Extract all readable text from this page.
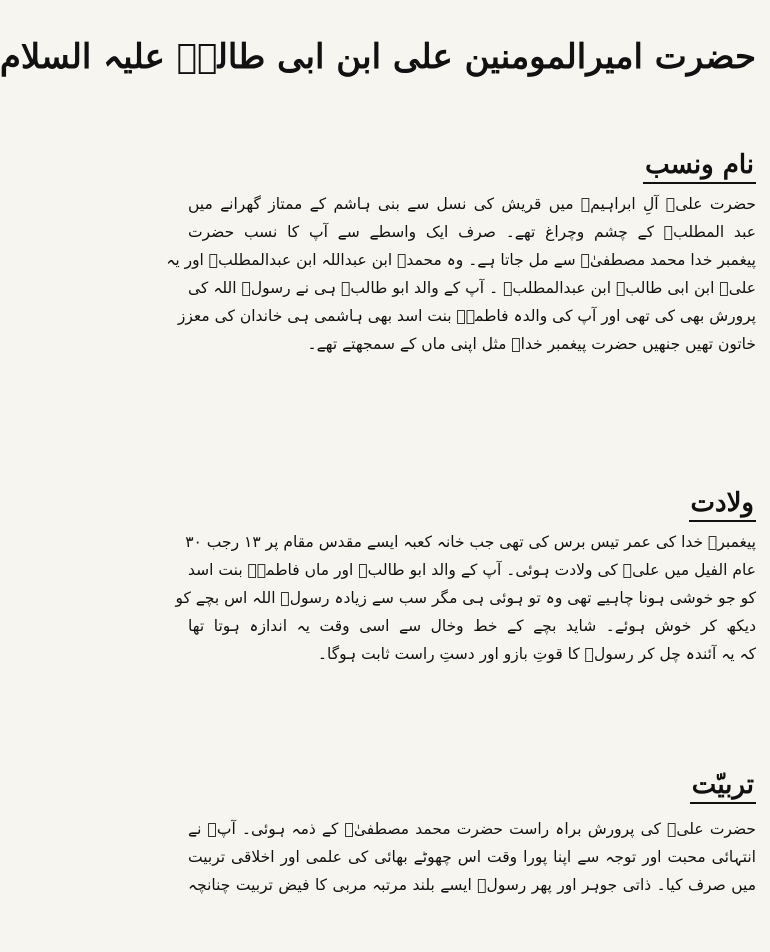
حضرت امیرالمومنین علی ابن ابی طالبؑ علیہ السلام
نام ونسب
حضرت علیؑ آلِ ابراہیمؑ میں قریش کی نسل سے بنی ہاشم کے ممتاز گھرانے میں
عبد المطلبؑ کے چشم وچراغ تھے۔ صرف ایک واسطے سے آپ کا نسب حضرت
پیغمبر خدا محمد مصطفیٰؐ سے مل جاتا ہے۔ وہ محمدؐ ابن عبداللہ ابن عبدالمطلبؑ اور یہ
علیؑ ابن ابی طالبؑ ابن عبدالمطلبؑ ۔ آپ کے والد ابو طالبؑ ہی نے رسولؐ اللہ کی
پرورش بھی کی تھی اور آپ کی والدہ فاطمہؑ بنت اسد بھی ہاشمی ہی خاندان کی معزز
خاتون تھیں جنھیں حضرت پیغمبر خداؐ مثل اپنی ماں کے سمجھتے تھے۔
ولادت
پیغمبرؐ خدا کی عمر تیس برس کی تھی جب خانہ کعبہ ایسے مقدس مقام پر ۱۳ رجب ۳۰
عام الفیل میں علیؑ کی ولادت ہوئی۔ آپ کے والد ابو طالبؑ اور ماں فاطمہؑ بنت اسد
کو جو خوشی ہونا چاہیے تھی وہ تو ہوئی ہی مگر سب سے زیادہ رسولؐ اللہ اس بچے کو
دیکھ کر خوش ہوئے۔ شاید بچے کے خط وخال سے اسی وقت یہ اندازہ ہوتا تھا
کہ یہ آئندہ چل کر رسولؐ کا قوتِ بازو اور دستِ راست ثابت ہوگا۔
تربیّت
حضرت علیؑ کی پرورش براہ راست حضرت محمد مصطفیٰؐ کے ذمہ ہوئی۔ آپؐ نے
انتہائی محبت اور توجہ سے اپنا پورا وقت اس چھوٹے بھائی کی علمی اور اخلاقی تربیت
میں صرف کیا۔ ذاتی جوہر اور پھر رسولؐ ایسے بلند مرتبہ مربی کا فیض تربیت چنانچہ
